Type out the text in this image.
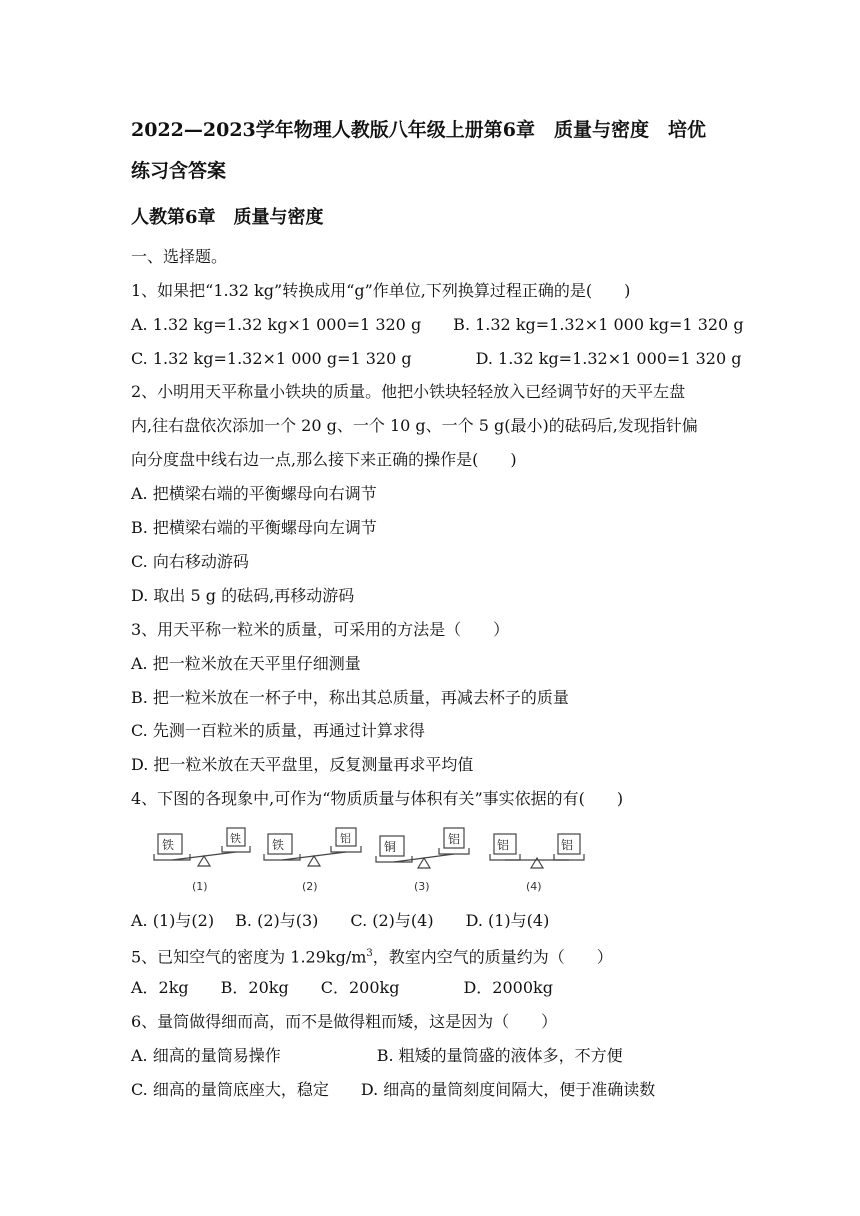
2022—2023学年物理人教版八年级上册第6章　质量与密度　培优
练习含答案
人教第6章　质量与密度
一、选择题。
1、如果把“1.32 kg”转换成用“g”作单位,下列换算过程正确的是(　　)
A. 1.32 kg=1.32 kg×1 000=1 320 g　　B. 1.32 kg=1.32×1 000 kg=1 320 g
C. 1.32 kg=1.32×1 000 g=1 320 g　　　　D. 1.32 kg=1.32×1 000=1 320 g
2、小明用天平称量小铁块的质量。他把小铁块轻轻放入已经调节好的天平左盘
内,往右盘依次添加一个 20 g、一个 10 g、一个 5 g(最小)的砝码后,发现指针偏
向分度盘中线右边一点,那么接下来正确的操作是(　　)
A. 把横梁右端的平衡螺母向右调节
B. 把横梁右端的平衡螺母向左调节
C. 向右移动游码
D. 取出 5 g 的砝码,再移动游码
3、用天平称一粒米的质量，可采用的方法是（　　）
A. 把一粒米放在天平里仔细测量
B. 把一粒米放在一杯子中，称出其总质量，再减去杯子的质量
C. 先测一百粒米的质量，再通过计算求得
D. 把一粒米放在天平盘里，反复测量再求平均值
4、下图的各现象中,可作为“物质质量与体积有关”事实依据的有(　　)
铁	铁
(1)
铁	铝
(2)
铜
铝
(3)
铝	铝
(4)
A. (1)与(2)　 B. (2)与(3)　　C. (2)与(4)　　D. (1)与(4)
5、已知空气的密度为 $1.29kg/m^3$，教室内空气的质量约为（　　）
A．2kg　　B．20kg　　C．200kg　　　　D．2000kg
6、量筒做得细而高，而不是做得粗而矮，这是因为（　　）
A. 细高的量筒易操作　　　　　　B. 粗矮的量筒盛的液体多，不方便
C. 细高的量筒底座大，稳定　　D. 细高的量筒刻度间隔大，便于准确读数
